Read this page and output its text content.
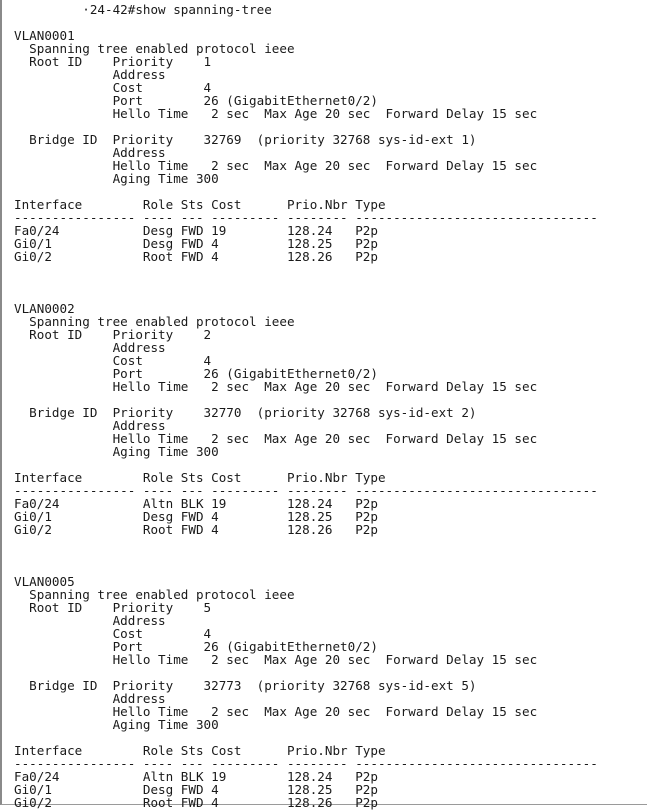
·24-42#show spanning-tree
VLAN0001
Spanning tree enabled protocol ieee
Root ID    Priority    1
Address
Cost        4
Port        26 (GigabitEthernet0/2)
Hello Time   2 sec  Max Age 20 sec  Forward Delay 15 sec
Bridge ID  Priority    32769  (priority 32768 sys-id-ext 1)
Address
Hello Time   2 sec  Max Age 20 sec  Forward Delay 15 sec
Aging Time 300
Interface        Role Sts Cost      Prio.Nbr Type
---------------- ---- --- --------- -------- --------------------------------
Fa0/24           Desg FWD 19        128.24   P2p
Gi0/1            Desg FWD 4         128.25   P2p
Gi0/2            Root FWD 4         128.26   P2p
VLAN0002
Spanning tree enabled protocol ieee
Root ID    Priority    2
Address
Cost        4
Port        26 (GigabitEthernet0/2)
Hello Time   2 sec  Max Age 20 sec  Forward Delay 15 sec
Bridge ID  Priority    32770  (priority 32768 sys-id-ext 2)
Address
Hello Time   2 sec  Max Age 20 sec  Forward Delay 15 sec
Aging Time 300
Interface        Role Sts Cost      Prio.Nbr Type
---------------- ---- --- --------- -------- --------------------------------
Fa0/24           Altn BLK 19        128.24   P2p
Gi0/1            Desg FWD 4         128.25   P2p
Gi0/2            Root FWD 4         128.26   P2p
VLAN0005
Spanning tree enabled protocol ieee
Root ID    Priority    5
Address
Cost        4
Port        26 (GigabitEthernet0/2)
Hello Time   2 sec  Max Age 20 sec  Forward Delay 15 sec
Bridge ID  Priority    32773  (priority 32768 sys-id-ext 5)
Address
Hello Time   2 sec  Max Age 20 sec  Forward Delay 15 sec
Aging Time 300
Interface        Role Sts Cost      Prio.Nbr Type
---------------- ---- --- --------- -------- --------------------------------
Fa0/24           Altn BLK 19        128.24   P2p
Gi0/1            Desg FWD 4         128.25   P2p
Gi0/2            Root FWD 4         128.26   P2p
